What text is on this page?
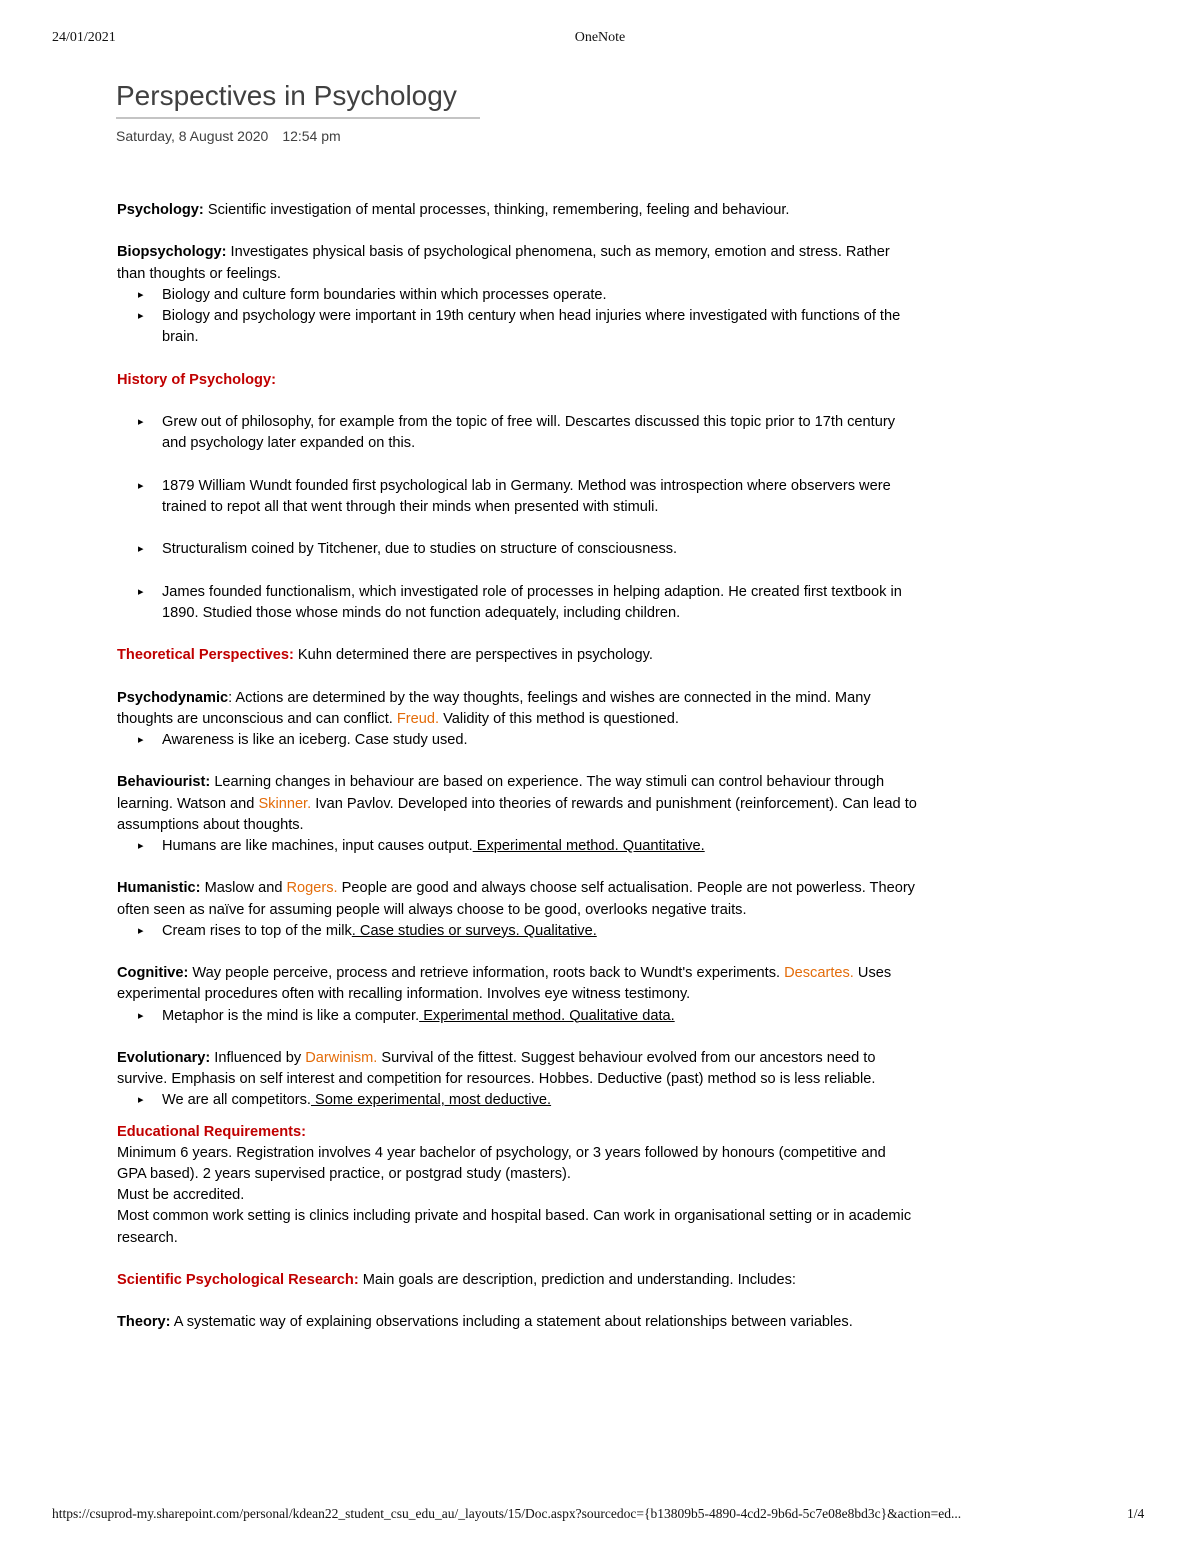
24/01/2021	OneNote
Perspectives in Psychology
Saturday, 8 August 2020 12:54 pm

Psychology: Scientific investigation of mental processes, thinking, remembering, feeling and behaviour.

Biopsychology: Investigates physical basis of psychological phenomena, such as memory, emotion and stress. Rather than thoughts or feelings.

▸ Biology and culture form boundaries within which processes operate.
▸ Biology and psychology were important in 19th century when head injuries where investigated with functions of the brain.

History of Psychology:

▸ Grew out of philosophy, for example from the topic of free will. Descartes discussed this topic prior to 17th century and psychology later expanded on this.
▸ 1879 William Wundt founded first psychological lab in Germany. Method was introspection where observers were trained to repot all that went through their minds when presented with stimuli.
▸ Structuralism coined by Titchener, due to studies on structure of consciousness.
▸ James founded functionalism, which investigated role of processes in helping adaption. He created first textbook in 1890. Studied those whose minds do not function adequately, including children.

Theoretical Perspectives: Kuhn determined there are perspectives in psychology.

Psychodynamic: Actions are determined by the way thoughts, feelings and wishes are connected in the mind. Many thoughts are unconscious and can conflict. Freud. Validity of this method is questioned.

▸ Awareness is like an iceberg. Case study used.

Behaviourist: Learning changes in behaviour are based on experience. The way stimuli can control behaviour through learning. Watson and Skinner. Ivan Pavlov. Developed into theories of rewards and punishment (reinforcement). Can lead to assumptions about thoughts.

▸ Humans are like machines, input causes output. Experimental method. Quantitative.

Humanistic: Maslow and Rogers. People are good and always choose self actualisation. People are not powerless. Theory often seen as naïve for assuming people will always choose to be good, overlooks negative traits.

▸ Cream rises to top of the milk. Case studies or surveys. Qualitative.

Cognitive: Way people perceive, process and retrieve information, roots back to Wundt's experiments. Descartes. Uses experimental procedures often with recalling information. Involves eye witness testimony.

▸ Metaphor is the mind is like a computer. Experimental method. Qualitative data.

Evolutionary: Influenced by Darwinism. Survival of the fittest. Suggest behaviour evolved from our ancestors need to survive. Emphasis on self interest and competition for resources. Hobbes. Deductive (past) method so is less reliable.

▸ We are all competitors. Some experimental, most deductive.

Educational Requirements:

Minimum 6 years. Registration involves 4 year bachelor of psychology, or 3 years followed by honours (competitive and GPA based). 2 years supervised practice, or postgrad study (masters).

Must be accredited.

Most common work setting is clinics including private and hospital based. Can work in organisational setting or in academic research.

Scientific Psychological Research: Main goals are description, prediction and understanding. Includes:

Theory: A systematic way of explaining observations including a statement about relationships between variables.

https://csuprod-my.sharepoint.com/personal/kdean22_student_csu_edu_au/_layouts/15/Doc.aspx?sourcedoc={b13809b5-4890-4cd2-9b6d-5c7e08e8bd3c}&action=ed...	1/4
